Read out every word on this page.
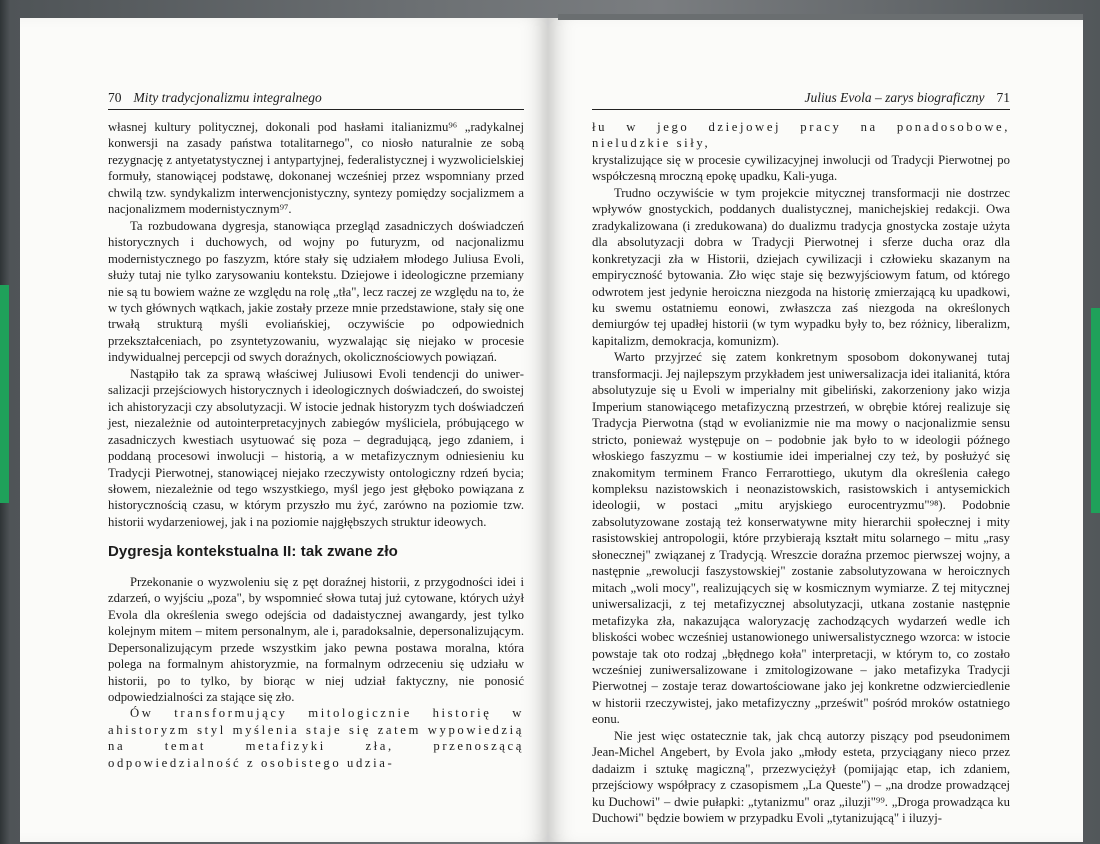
70 Mity tradycjonalizmu integralnego

własnej kultury politycznej, dokonali pod hasłami italianizmu⁹⁶ „radykalnej konwersji na zasady państwa totalitarnego", co niosło naturalnie ze sobą rezygnację z antyetatystycznej i antypartyjnej, federalistycznej i wyzwolicielskiej formuły, stanowiącej podstawę, dokonanej wcześniej przez wspomniany przed chwilą tzw. syndykalizm interwencjonistyczny, syntezy pomiędzy socjalizmem a nacjonalizmem modernistycznym⁹⁷.

Ta rozbudowana dygresja, stanowiąca przegląd zasadniczych doświadczeń historycznych i duchowych, od wojny po futuryzm, od nacjonalizmu modernistycznego po faszyzm, które stały się udziałem młodego Juliusa Evoli, służy tutaj nie tylko zarysowaniu kontekstu. Dziejowe i ideologiczne przemiany nie są tu bowiem ważne ze względu na rolę „tła", lecz raczej ze względu na to, że w tych głównych wątkach, jakie zostały przeze mnie przedstawione, stały się one trwałą strukturą myśli evoliańskiej, oczywiście po odpowiednich przekształceniach, po zsyntetyzowaniu, wyzwalając się niejako w procesie indywidualnej percepcji od swych doraźnych, okolicznościowych powiązań.

Nastąpiło tak za sprawą właściwej Juliusowi Evoli tendencji do uniwersalizacji przejściowych historycznych i ideologicznych doświadczeń, do swoistej ich ahistoryzacji czy absolutyzacji. W istocie jednak historyzm tych doświadczeń jest, niezależnie od autointerpretacyjnych zabiegów myśliciela, próbującego w zasadniczych kwestiach usytuować się poza – degradującą, jego zdaniem, i poddaną procesowi inwolucji – historią, a w metafizycznym odniesieniu ku Tradycji Pierwotnej, stanowiącej niejako rzeczywisty ontologiczny rdzeń bycia; słowem, niezależnie od tego wszystkiego, myśl jego jest głęboko powiązana z historycznością czasu, w którym przyszło mu żyć, zarówno na poziomie tzw. historii wydarzeniowej, jak i na poziomie najgłębszych struktur ideowych.

Dygresja kontekstualna II: tak zwane zło

Przekonanie o wyzwoleniu się z pęt doraźnej historii, z przygodności idei i zdarzeń, o wyjściu „poza", by wspomnieć słowa tutaj już cytowane, których użył Evola dla określenia swego odejścia od dadaistycznej awangardy, jest tylko kolejnym mitem – mitem personalnym, ale i, paradoksalnie, depersonalizującym. Depersonalizującym przede wszystkim jako pewna postawa moralna, która polega na formalnym ahistoryzmie, na formalnym odrzeceniu się udziału w historii, po to tylko, by biorąc w niej udział faktyczny, nie ponosić odpowiedzialności za stające się zło.

Ów transformujący mitologicznie historię w ahistoryzm styl myślenia staje się zatem wypowiedzią na temat metafizyki zła, przenoszącą odpowiedzialność z osobistego udzia-

Julius Evola – zarys biograficzny 71

łu w jego dziejowej pracy na ponadosobowe, nieludzkie siły,

krystalizujące się w procesie cywilizacyjnej inwolucji od Tradycji Pierwotnej po współczesną mroczną epokę upadku, Kali-yuga.

Trudno oczywiście w tym projekcie mitycznej transformacji nie dostrzec wpływów gnostyckich, poddanych dualistycznej, manichejskiej redakcji. Owa zradykalizowana (i zredukowana) do dualizmu tradycja gnostycka zostaje użyta dla absolutyzacji dobra w Tradycji Pierwotnej i sferze ducha oraz dla konkretyzacji zła w Historii, dziejach cywilizacji i człowieku skazanym na empiryczność bytowania. Zło więc staje się bezwyjściowym fatum, od którego odwrotem jest jedynie heroiczna niezgoda na historię zmierzającą ku upadkowi, ku swemu ostatniemu eonowi, zwłaszcza zaś niezgoda na określonych demiurgów tej upadłej historii (w tym wypadku były to, bez różnicy, liberalizm, kapitalizm, demokracja, komunizm).

Warto przyjrzeć się zatem konkretnym sposobom dokonywanej tutaj transformacji. Jej najlepszym przykładem jest uniwersalizacja idei italianitá, która absolutyzuje się u Evoli w imperialny mit gibeliński, zakorzeniony jako wizja Imperium stanowiącego metafizyczną przestrzeń, w obrębie której realizuje się Tradycja Pierwotna (stąd w evolianizmie nie ma mowy o nacjonalizmie sensu stricto, ponieważ występuje on – podobnie jak było to w ideologii późnego włoskiego faszyzmu – w kostiumie idei imperialnej czy też, by posłużyć się znakomitym terminem Franco Ferrarottiego, ukutym dla określenia całego kompleksu nazistowskich i neonazistowskich, rasistowskich i antysemickich ideologii, w postaci „mitu aryjskiego eurocentryzmu"⁹⁸). Podobnie zabsolutyzowane zostają też konserwatywne mity hierarchii społecznej i mity rasistowskiej antropologii, które przybierają kształt mitu solarnego – mitu „rasy słonecznej" związanej z Tradycją. Wreszcie doraźna przemoc pierwszej wojny, a następnie „rewolucji faszystowskiej" zostanie zabsolutyzowana w heroicznych mitach „woli mocy", realizujących się w kosmicznym wymiarze. Z tej mitycznej uniwersalizacji, z tej metafizycznej absolutyzacji, utkana zostanie następnie metafizyka zła, nakazująca waloryzację zachodzących wydarzeń wedle ich bliskości wobec wcześniej ustanowionego uniwersalistycznego wzorca: w istocie powstaje tak oto rodzaj „błędnego koła" interpretacji, w którym to, co zostało wcześniej zuniwersalizowane i zmitologizowane – jako metafizyka Tradycji Pierwotnej – zostaje teraz dowartościowane jako jej konkretne odzwierciedlenie w historii rzeczywistej, jako metafizyczny „prześwit" pośród mroków ostatniego eonu.

Nie jest więc ostatecznie tak, jak chcą autorzy piszący pod pseudonimem Jean-Michel Angebert, by Evola jako „młody esteta, przyciągany nieco przez dadaizm i sztukę magiczną", przezwyciężył (pomijając etap, ich zdaniem, przejściowy współpracy z czasopismem „La Queste") – „na drodze prowadzącej ku Duchowi" – dwie pułapki: „tytanizmu" oraz „iluzji"⁹⁹. „Droga prowadząca ku Duchowi" będzie bowiem w przypadku Evoli „tytanizującą" i iluzyj-
